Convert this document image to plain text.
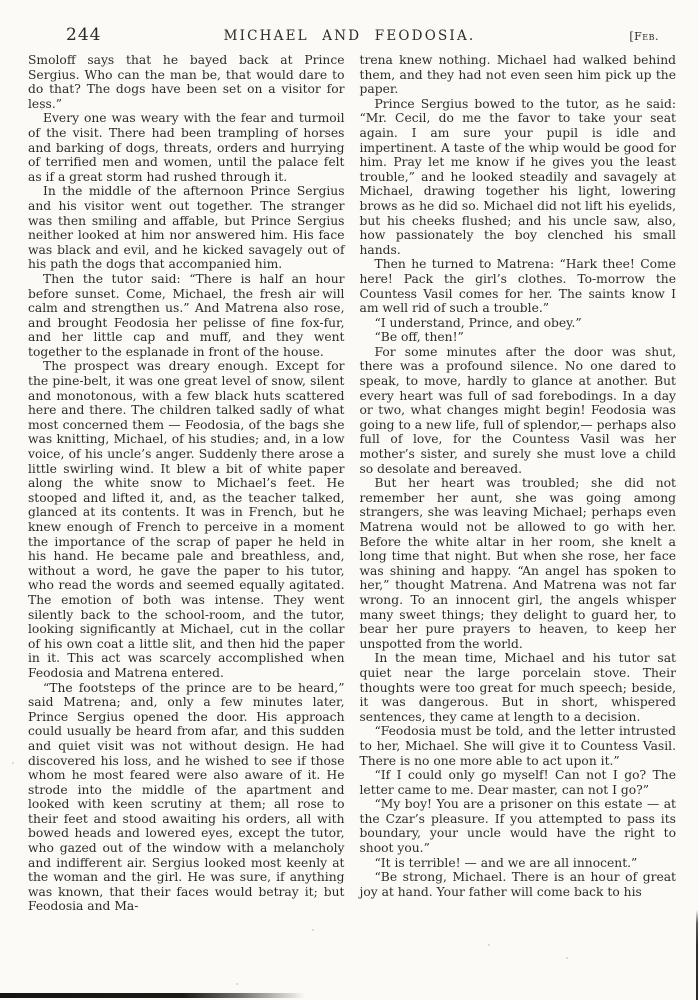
244	MICHAEL AND FEODOSIA.	[Feb.

Smoloff says that he bayed back at Prince Sergius. Who can the man be, that would dare to do that? The dogs have been set on a visitor for less.”

Every one was weary with the fear and turmoil of the visit. There had been trampling of horses and barking of dogs, threats, orders and hurrying of terrified men and women, until the palace felt as if a great storm had rushed through it.

In the middle of the afternoon Prince Sergius and his visitor went out together. The stranger was then smiling and affable, but Prince Sergius neither looked at him nor answered him. His face was black and evil, and he kicked savagely out of his path the dogs that accompanied him.

Then the tutor said: “There is half an hour before sunset. Come, Michael, the fresh air will calm and strengthen us.” And Matrena also rose, and brought Feodosia her pelisse of fine fox-fur, and her little cap and muff, and they went together to the esplanade in front of the house.

The prospect was dreary enough. Except for the pine-belt, it was one great level of snow, silent and monotonous, with a few black huts scattered here and there. The children talked sadly of what most concerned them — Feodosia, of the bags she was knitting, Michael, of his studies; and, in a low voice, of his uncle’s anger. Suddenly there arose a little swirling wind. It blew a bit of white paper along the white snow to Michael’s feet. He stooped and lifted it, and, as the teacher talked, glanced at its contents. It was in French, but he knew enough of French to perceive in a moment the importance of the scrap of paper he held in his hand. He became pale and breathless, and, without a word, he gave the paper to his tutor, who read the words and seemed equally agitated. The emotion of both was intense. They went silently back to the school-room, and the tutor, looking significantly at Michael, cut in the collar of his own coat a little slit, and then hid the paper in it. This act was scarcely accomplished when Feodosia and Matrena entered.

“The footsteps of the prince are to be heard,” said Matrena; and, only a few minutes later, Prince Sergius opened the door. His approach could usually be heard from afar, and this sudden and quiet visit was not without design. He had discovered his loss, and he wished to see if those whom he most feared were also aware of it. He strode into the middle of the apartment and looked with keen scrutiny at them; all rose to their feet and stood awaiting his orders, all with bowed heads and lowered eyes, except the tutor, who gazed out of the window with a melancholy and indifferent air. Sergius looked most keenly at the woman and the girl. He was sure, if anything was known, that their faces would betray it; but Feodosia and Ma-

trena knew nothing. Michael had walked behind them, and they had not even seen him pick up the paper.

Prince Sergius bowed to the tutor, as he said: “Mr. Cecil, do me the favor to take your seat again. I am sure your pupil is idle and impertinent. A taste of the whip would be good for him. Pray let me know if he gives you the least trouble,” and he looked steadily and savagely at Michael, drawing together his light, lowering brows as he did so. Michael did not lift his eyelids, but his cheeks flushed; and his uncle saw, also, how passionately the boy clenched his small hands.

Then he turned to Matrena: “Hark thee! Come here! Pack the girl’s clothes. To-morrow the Countess Vasil comes for her. The saints know I am well rid of such a trouble.”

“I understand, Prince, and obey.”

“Be off, then!”

For some minutes after the door was shut, there was a profound silence. No one dared to speak, to move, hardly to glance at another. But every heart was full of sad forebodings. In a day or two, what changes might begin! Feodosia was going to a new life, full of splendor,— perhaps also full of love, for the Countess Vasil was her mother’s sister, and surely she must love a child so desolate and bereaved.

But her heart was troubled; she did not remember her aunt, she was going among strangers, she was leaving Michael; perhaps even Matrena would not be allowed to go with her. Before the white altar in her room, she knelt a long time that night. But when she rose, her face was shining and happy. “An angel has spoken to her,” thought Matrena. And Matrena was not far wrong. To an innocent girl, the angels whisper many sweet things; they delight to guard her, to bear her pure prayers to heaven, to keep her unspotted from the world.

In the mean time, Michael and his tutor sat quiet near the large porcelain stove. Their thoughts were too great for much speech; beside, it was dangerous. But in short, whispered sentences, they came at length to a decision.

“Feodosia must be told, and the letter intrusted to her, Michael. She will give it to Countess Vasil. There is no one more able to act upon it.”

“If I could only go myself! Can not I go? The letter came to me. Dear master, can not I go?”

“My boy! You are a prisoner on this estate — at the Czar’s pleasure. If you attempted to pass its boundary, your uncle would have the right to shoot you.”

“It is terrible! — and we are all innocent.”

“Be strong, Michael. There is an hour of great joy at hand. Your father will come back to his
